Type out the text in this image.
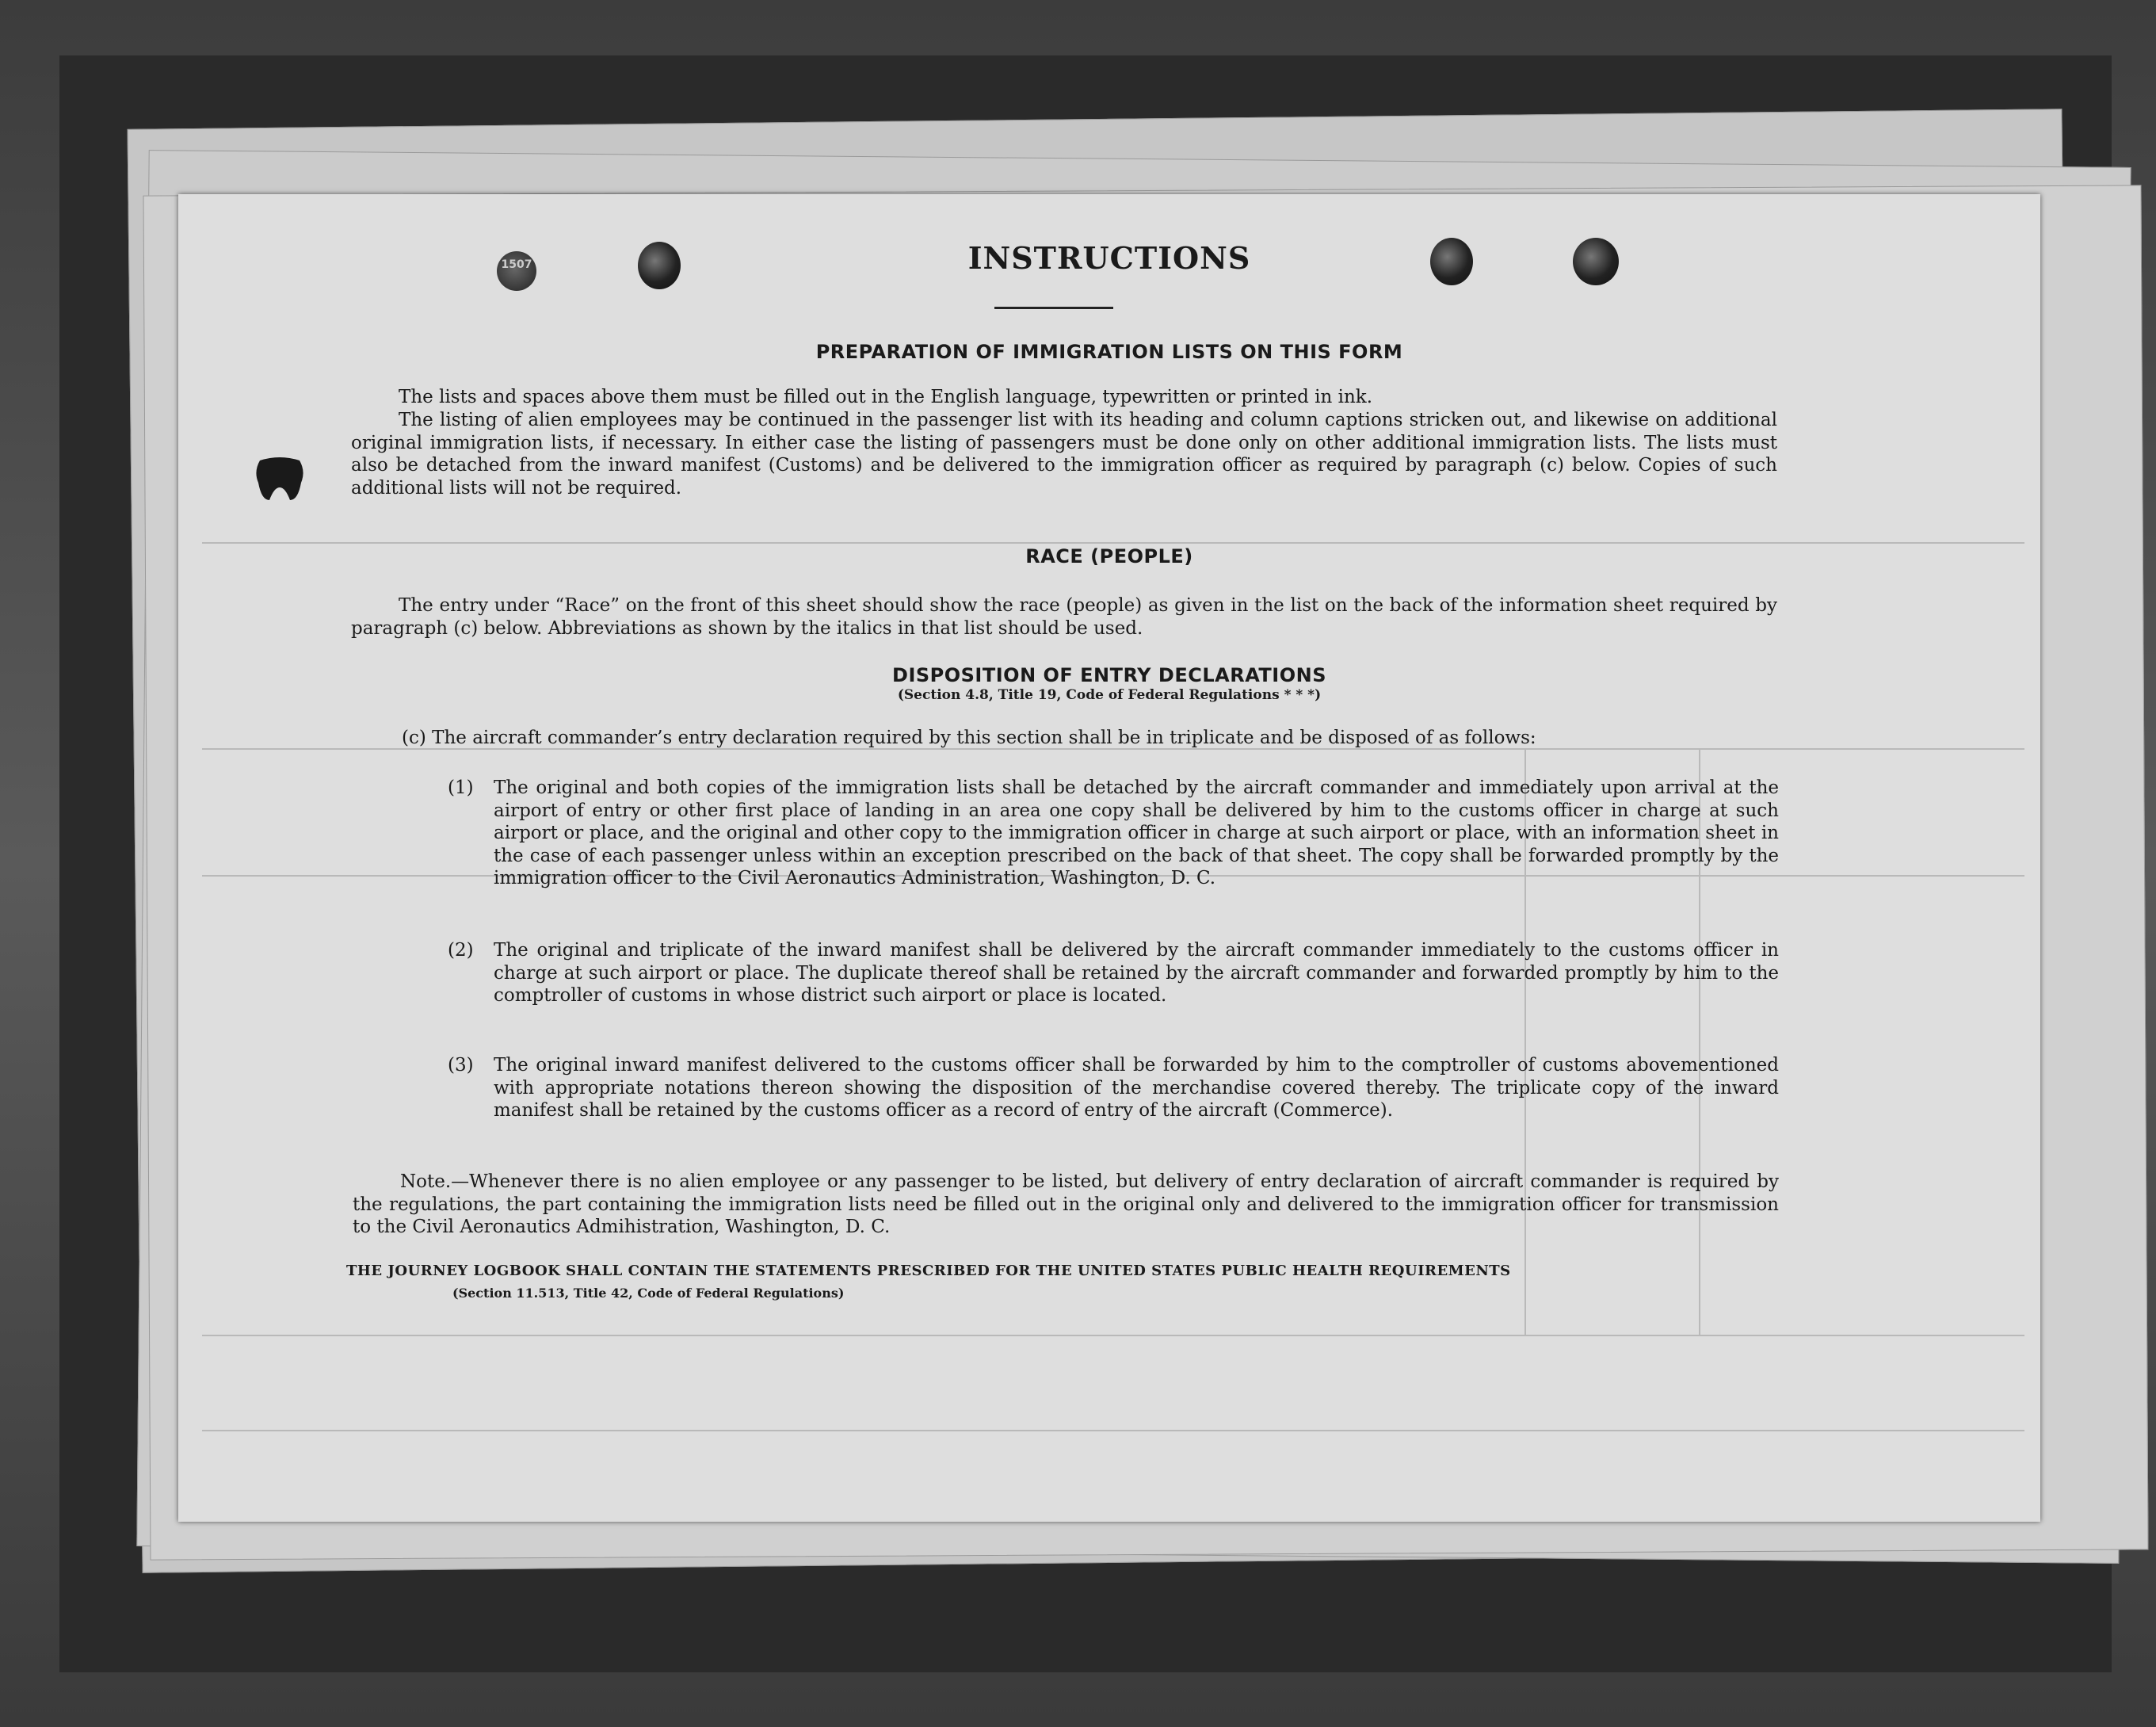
1507	INSTRUCTIONS
PREPARATION OF IMMIGRATION LISTS ON THIS FORM

The lists and spaces above them must be filled out in the English language, typewritten or printed in ink.

The listing of alien employees may be continued in the passenger list with its heading and column captions stricken out, and likewise on additional original immigration lists, if necessary. In either case the listing of passengers must be done only on other additional immigration lists. The lists must also be detached from the inward manifest (Customs) and be delivered to the immigration officer as required by paragraph (c) below. Copies of such additional lists will not be required.

RACE (PEOPLE)

The entry under “Race” on the front of this sheet should show the race (people) as given in the list on the back of the information sheet required by paragraph (c) below. Abbreviations as shown by the italics in that list should be used.

DISPOSITION OF ENTRY DECLARATIONS
(Section 4.8, Title 19, Code of Federal Regulations * * *)

(c) The aircraft commander’s entry declaration required by this section shall be in triplicate and be disposed of as follows:

(1) The original and both copies of the immigration lists shall be detached by the aircraft commander and immediately upon arrival at the airport of entry or other first place of landing in an area one copy shall be delivered by him to the customs officer in charge at such airport or place, and the original and other copy to the immigration officer in charge at such airport or place, with an information sheet in the case of each passenger unless within an exception prescribed on the back of that sheet. The copy shall be forwarded promptly by the immigration officer to the Civil Aeronautics Administration, Washington, D. C.
(2) The original and triplicate of the inward manifest shall be delivered by the aircraft commander immediately to the customs officer in charge at such airport or place. The duplicate thereof shall be retained by the aircraft commander and forwarded promptly by him to the comptroller of customs in whose district such airport or place is located.
(3) The original inward manifest delivered to the customs officer shall be forwarded by him to the comptroller of customs abovementioned with appropriate notations thereon showing the disposition of the merchandise covered thereby. The triplicate copy of the inward manifest shall be retained by the customs officer as a record of entry of the aircraft (Commerce).

Note.—Whenever there is no alien employee or any passenger to be listed, but delivery of entry declaration of aircraft commander is required by the regulations, the part containing the immigration lists need be filled out in the original only and delivered to the immigration officer for transmission to the Civil Aeronautics Admihistration, Washington, D. C.

THE JOURNEY LOGBOOK SHALL CONTAIN THE STATEMENTS PRESCRIBED FOR THE UNITED STATES PUBLIC HEALTH REQUIREMENTS

(Section 11.513, Title 42, Code of Federal Regulations)
